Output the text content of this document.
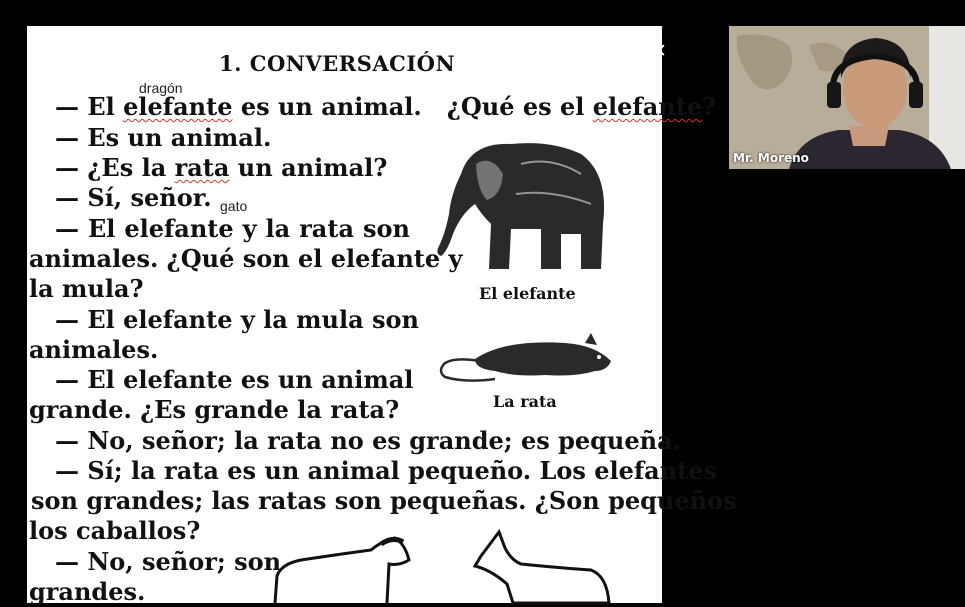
1. CONVERSACIÓN
— El elefante es un animal.   ¿Qué es el elefante?
— Es un animal.
— ¿Es la rata un animal?
— Sí, señor.
— El elefante y la rata son
animales. ¿Qué son el elefante y
la mula?
— El elefante y la mula son
animales.
— El elefante es un animal
grande. ¿Es grande la rata?
— No, señor; la rata no es grande; es pequeña.
— Sí; la rata es un animal pequeño. Los elefantes
son grandes; las ratas son pequeñas. ¿Son pequeños
los caballos?
— No, señor; son
grandes.
dragón
gato
El elefante
La rata
✕
Mr. Moreno
